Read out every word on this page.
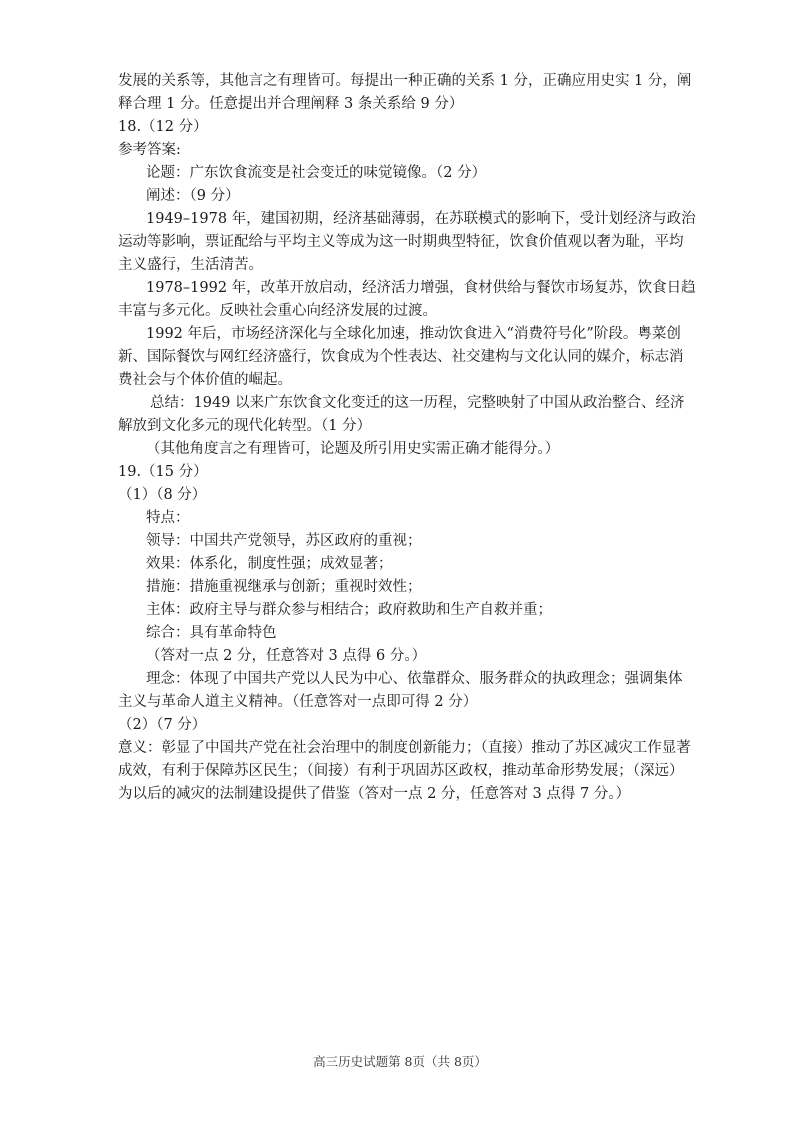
发展的关系等，其他言之有理皆可。每提出一种正确的关系 1 分，正确应用史实 1 分，阐
释合理 1 分。任意提出并合理阐释 3 条关系给 9 分）
18.（12 分）
参考答案:
论题：广东饮食流变是社会变迁的味觉镜像。（2 分）
阐述：（9 分）
1949–1978 年，建国初期，经济基础薄弱，在苏联模式的影响下，受计划经济与政治
运动等影响，票证配给与平均主义等成为这一时期典型特征，饮食价值观以奢为耻，平均
主义盛行，生活清苦。
1978–1992 年，改革开放启动，经济活力增强，食材供给与餐饮市场复苏，饮食日趋
丰富与多元化。反映社会重心向经济发展的过渡。
1992 年后，市场经济深化与全球化加速，推动饮食进入“消费符号化”阶段。粤菜创
新、国际餐饮与网红经济盛行，饮食成为个性表达、社交建构与文化认同的媒介，标志消
费社会与个体价值的崛起。
总结：1949 以来广东饮食文化变迁的这一历程，完整映射了中国从政治整合、经济
解放到文化多元的现代化转型。（1 分）
（其他角度言之有理皆可，论题及所引用史实需正确才能得分。）
19.（15 分）
（1）（8 分）
特点：
领导：中国共产党领导，苏区政府的重视；
效果：体系化，制度性强；成效显著；
措施：措施重视继承与创新；重视时效性；
主体：政府主导与群众参与相结合；政府救助和生产自救并重；
综合：具有革命特色
（答对一点 2 分，任意答对 3 点得 6 分。）
理念：体现了中国共产党以人民为中心、依靠群众、服务群众的执政理念；强调集体
主义与革命人道主义精神。（任意答对一点即可得 2 分）
（2）（7 分）
意义：彰显了中国共产党在社会治理中的制度创新能力；（直接）推动了苏区减灾工作显著
成效，有利于保障苏区民生；（间接）有利于巩固苏区政权，推动革命形势发展；（深远）
为以后的减灾的法制建设提供了借鉴（答对一点 2 分，任意答对 3 点得 7 分。）
高三历史试题第 8页（共 8页）
